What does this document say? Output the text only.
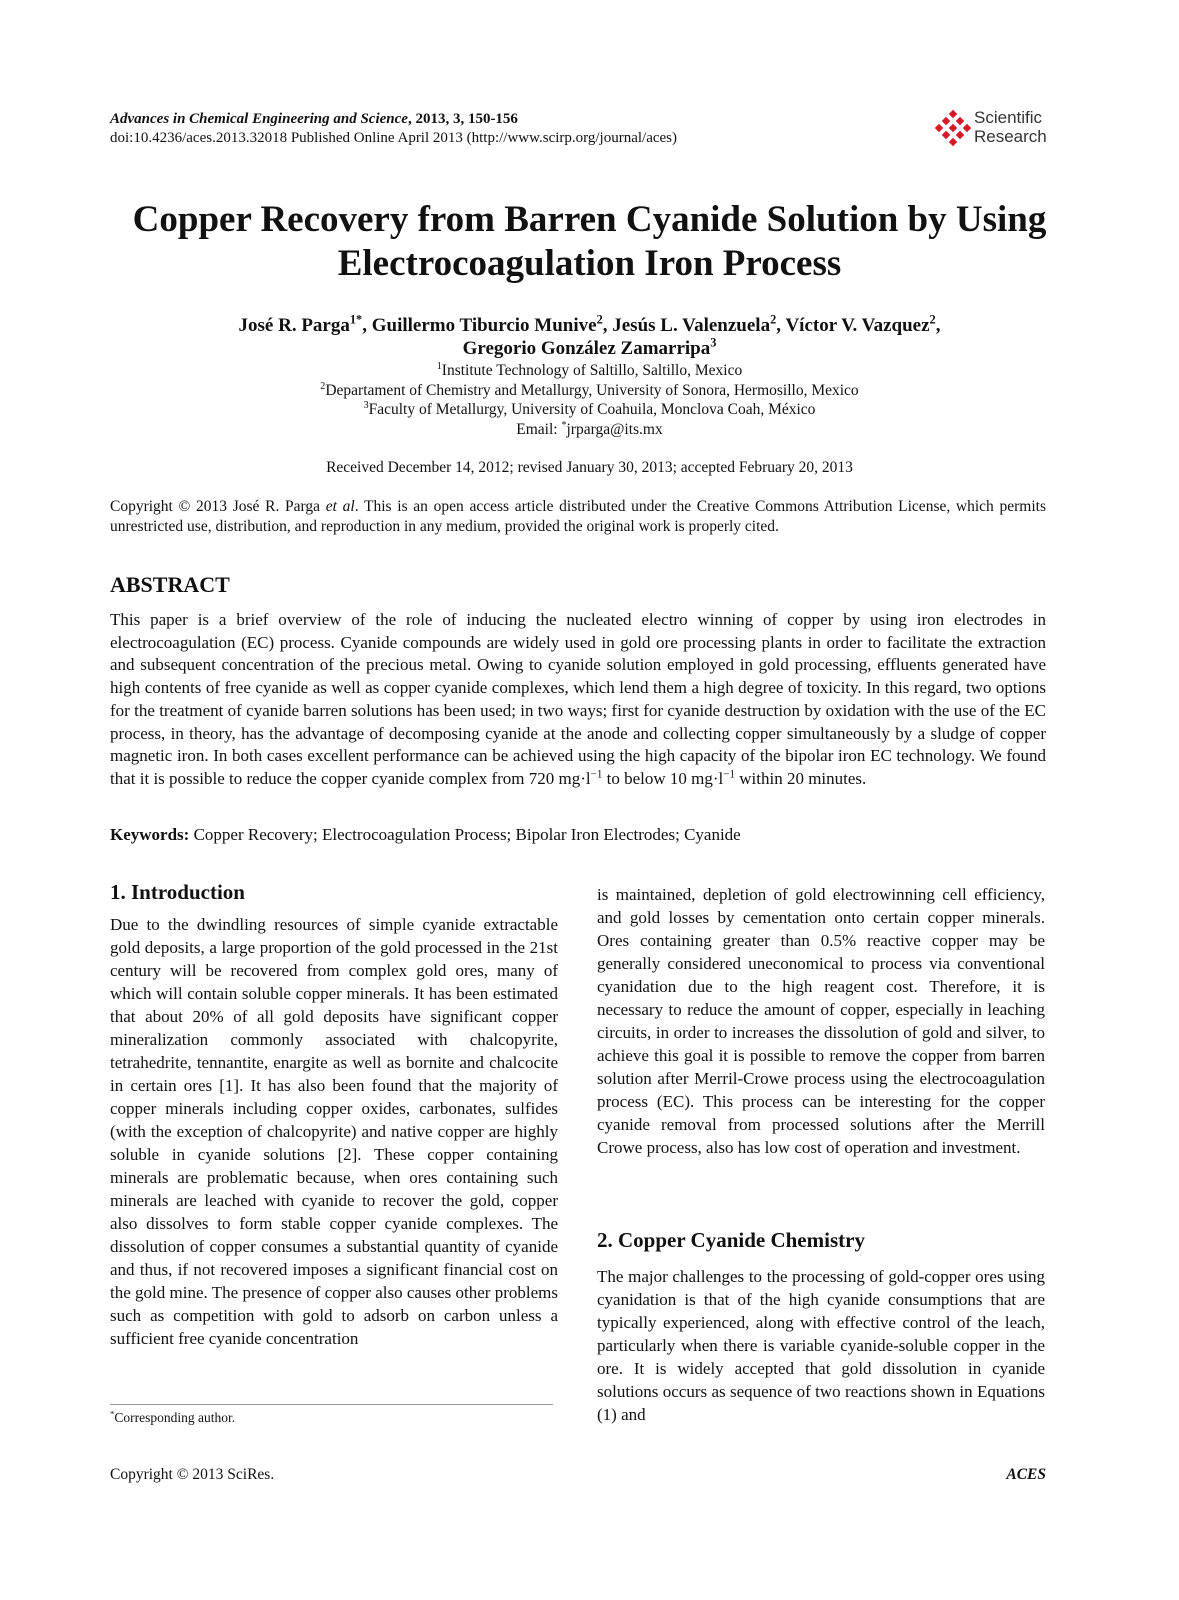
Advances in Chemical Engineering and Science, 2013, 3, 150-156
doi:10.4236/aces.2013.32018 Published Online April 2013 (http://www.scirp.org/journal/aces)
Scientific
Research
Copper Recovery from Barren Cyanide Solution by Using
Electrocoagulation Iron Process
José R. Parga$^{1*}$, Guillermo Tiburcio Munive$^2$, Jesús L. Valenzuela$^2$, Víctor V. Vazquez$^2$,
Gregorio González Zamarripa$^3$
$^1$Institute Technology of Saltillo, Saltillo, Mexico
$^2$Departament of Chemistry and Metallurgy, University of Sonora, Hermosillo, Mexico
$^3$Faculty of Metallurgy, University of Coahuila, Monclova Coah, México
Email: *jrparga@its.mx
Received December 14, 2012; revised January 30, 2013; accepted February 20, 2013
Copyright © 2013 José R. Parga et al. This is an open access article distributed under the Creative Commons Attribution License, which permits unrestricted use, distribution, and reproduction in any medium, provided the original work is properly cited.
ABSTRACT
This paper is a brief overview of the role of inducing the nucleated electro winning of copper by using iron electrodes in electrocoagulation (EC) process. Cyanide compounds are widely used in gold ore processing plants in order to facilitate the extraction and subsequent concentration of the precious metal. Owing to cyanide solution employed in gold processing, effluents generated have high contents of free cyanide as well as copper cyanide complexes, which lend them a high degree of toxicity. In this regard, two options for the treatment of cyanide barren solutions has been used; in two ways; first for cyanide destruction by oxidation with the use of the EC process, in theory, has the advantage of decomposing cyanide at the anode and collecting copper simultaneously by a sludge of copper magnetic iron. In both cases excellent performance can be achieved using the high capacity of the bipolar iron EC technology. We found that it is possible to reduce the copper cyanide complex from 720 $mg\cdot l^{-1}$ to below 10 $mg\cdot l^{-1}$ within 20 minutes.
Keywords: Copper Recovery; Electrocoagulation Process; Bipolar Iron Electrodes; Cyanide
1. Introduction
Due to the dwindling resources of simple cyanide extractable gold deposits, a large proportion of the gold processed in the 21st century will be recovered from complex gold ores, many of which will contain soluble copper minerals. It has been estimated that about 20% of all gold deposits have significant copper mineralization commonly associated with chalcopyrite, tetrahedrite, tennantite, enargite as well as bornite and chalcocite in certain ores [1]. It has also been found that the majority of copper minerals including copper oxides, carbonates, sulfides (with the exception of chalcopyrite) and native copper are highly soluble in cyanide solutions [2]. These copper containing minerals are problematic because, when ores containing such minerals are leached with cyanide to recover the gold, copper also dissolves to form stable copper cyanide complexes. The dissolution of copper consumes a substantial quantity of cyanide and thus, if not recovered imposes a significant financial cost on the gold mine. The presence of copper also causes other problems such as competition with gold to adsorb on carbon unless a sufficient free cyanide concentration
is maintained, depletion of gold electrowinning cell efficiency, and gold losses by cementation onto certain copper minerals. Ores containing greater than 0.5% reactive copper may be generally considered uneconomical to process via conventional cyanidation due to the high reagent cost. Therefore, it is necessary to reduce the amount of copper, especially in leaching circuits, in order to increases the dissolution of gold and silver, to achieve this goal it is possible to remove the copper from barren solution after Merril-Crowe process using the electrocoagulation process (EC). This process can be interesting for the copper cyanide removal from processed solutions after the Merrill Crowe process, also has low cost of operation and investment.
2. Copper Cyanide Chemistry
The major challenges to the processing of gold-copper ores using cyanidation is that of the high cyanide consumptions that are typically experienced, along with effective control of the leach, particularly when there is variable cyanide-soluble copper in the ore. It is widely accepted that gold dissolution in cyanide solutions occurs as sequence of two reactions shown in Equations (1) and
*Corresponding author.
Copyright © 2013 SciRes.	ACES
